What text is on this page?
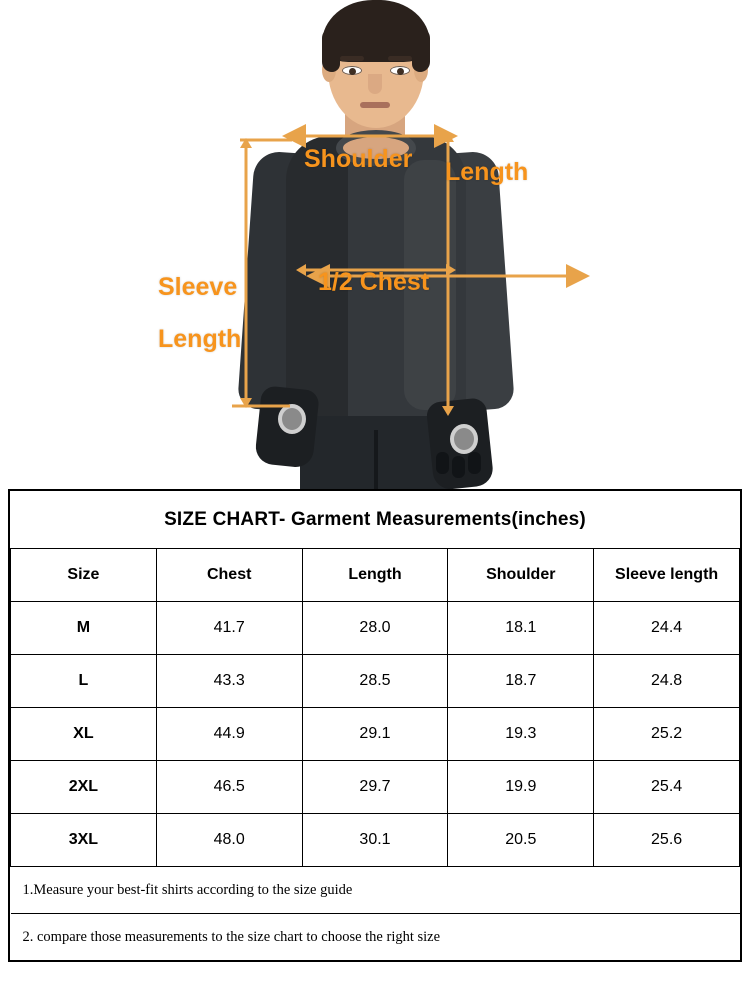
Shoulder Length
1/2 Chest
Sleeve
Length
SIZE CHART- Garment Measurements(inches)				
Size	Chest	Length	Shoulder	Sleeve length
M	41.7	28.0	18.1	24.4
L	43.3	28.5	18.7	24.8
XL	44.9	29.1	19.3	25.2
2XL	46.5	29.7	19.9	25.4
3XL	48.0	30.1	20.5	25.6
1.Measure your best-fit shirts according to the size guide				
2. compare those measurements to the size chart to choose the right size				
